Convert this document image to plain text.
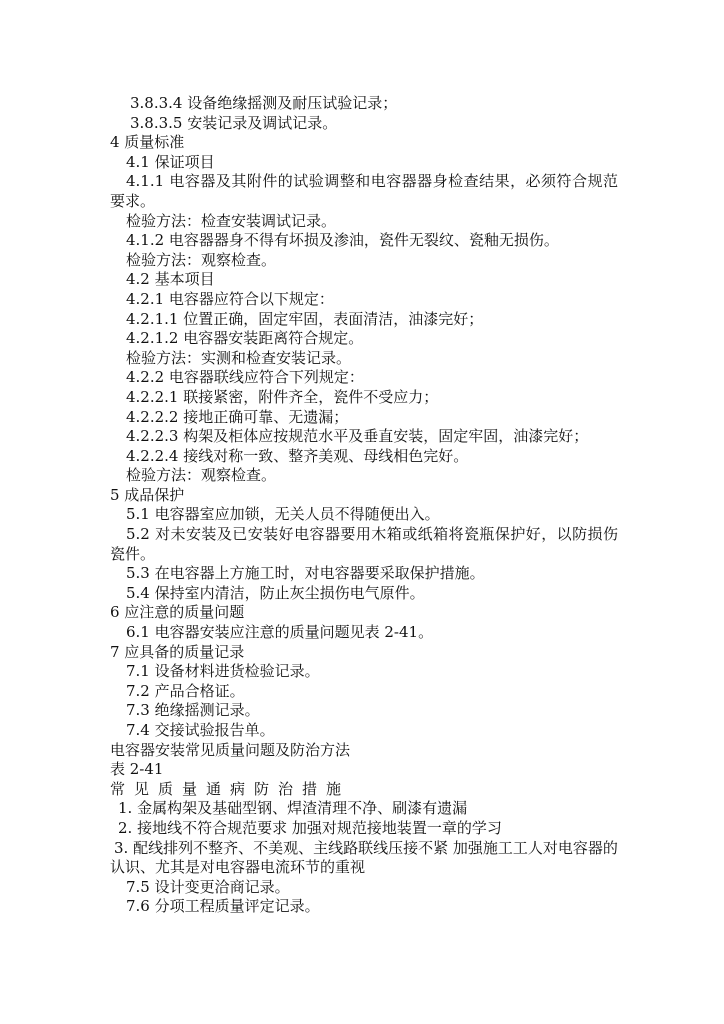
3.8.3.4 设备绝缘摇测及耐压试验记录；
3.8.3.5 安装记录及调试记录。
4 质量标准
4.1 保证项目
4.1.1 电容器及其附件的试验调整和电容器器身检查结果，必须符合规范要求。
检验方法：检查安装调试记录。
4.1.2 电容器器身不得有坏损及渗油，瓷件无裂纹、瓷釉无损伤。
检验方法：观察检查。
4.2 基本项目
4.2.1 电容器应符合以下规定：
4.2.1.1 位置正确，固定牢固，表面清洁，油漆完好；
4.2.1.2 电容器安装距离符合规定。
检验方法：实测和检查安装记录。
4.2.2 电容器联线应符合下列规定：
4.2.2.1 联接紧密，附件齐全，瓷件不受应力；
4.2.2.2 接地正确可靠、无遗漏；
4.2.2.3 构架及柜体应按规范水平及垂直安装，固定牢固，油漆完好；
4.2.2.4 接线对称一致、整齐美观、母线相色完好。
检验方法：观察检查。
5 成品保护
5.1 电容器室应加锁，无关人员不得随便出入。
5.2 对未安装及已安装好电容器要用木箱或纸箱将瓷瓶保护好，以防损伤瓷件。
5.3 在电容器上方施工时，对电容器要采取保护措施。
5.4 保持室内清洁，防止灰尘损伤电气原件。
6 应注意的质量问题
6.1 电容器安装应注意的质量问题见表 2-41。
7 应具备的质量记录
7.1 设备材料进货检验记录。
7.2 产品合格证。
7.3 绝缘摇测记录。
7.4 交接试验报告单。
电容器安装常见质量问题及防治方法
表 2-41
常见质量通病防治措施
1. 金属构架及基础型钢、焊渣清理不净、刷漆有遗漏
2. 接地线不符合规范要求 加强对规范接地装置一章的学习
3. 配线排列不整齐、不美观、主线路联线压接不紧 加强施工工人对电容器的认识、尤其是对电容器电流环节的重视
7.5 设计变更洽商记录。
7.6 分项工程质量评定记录。
